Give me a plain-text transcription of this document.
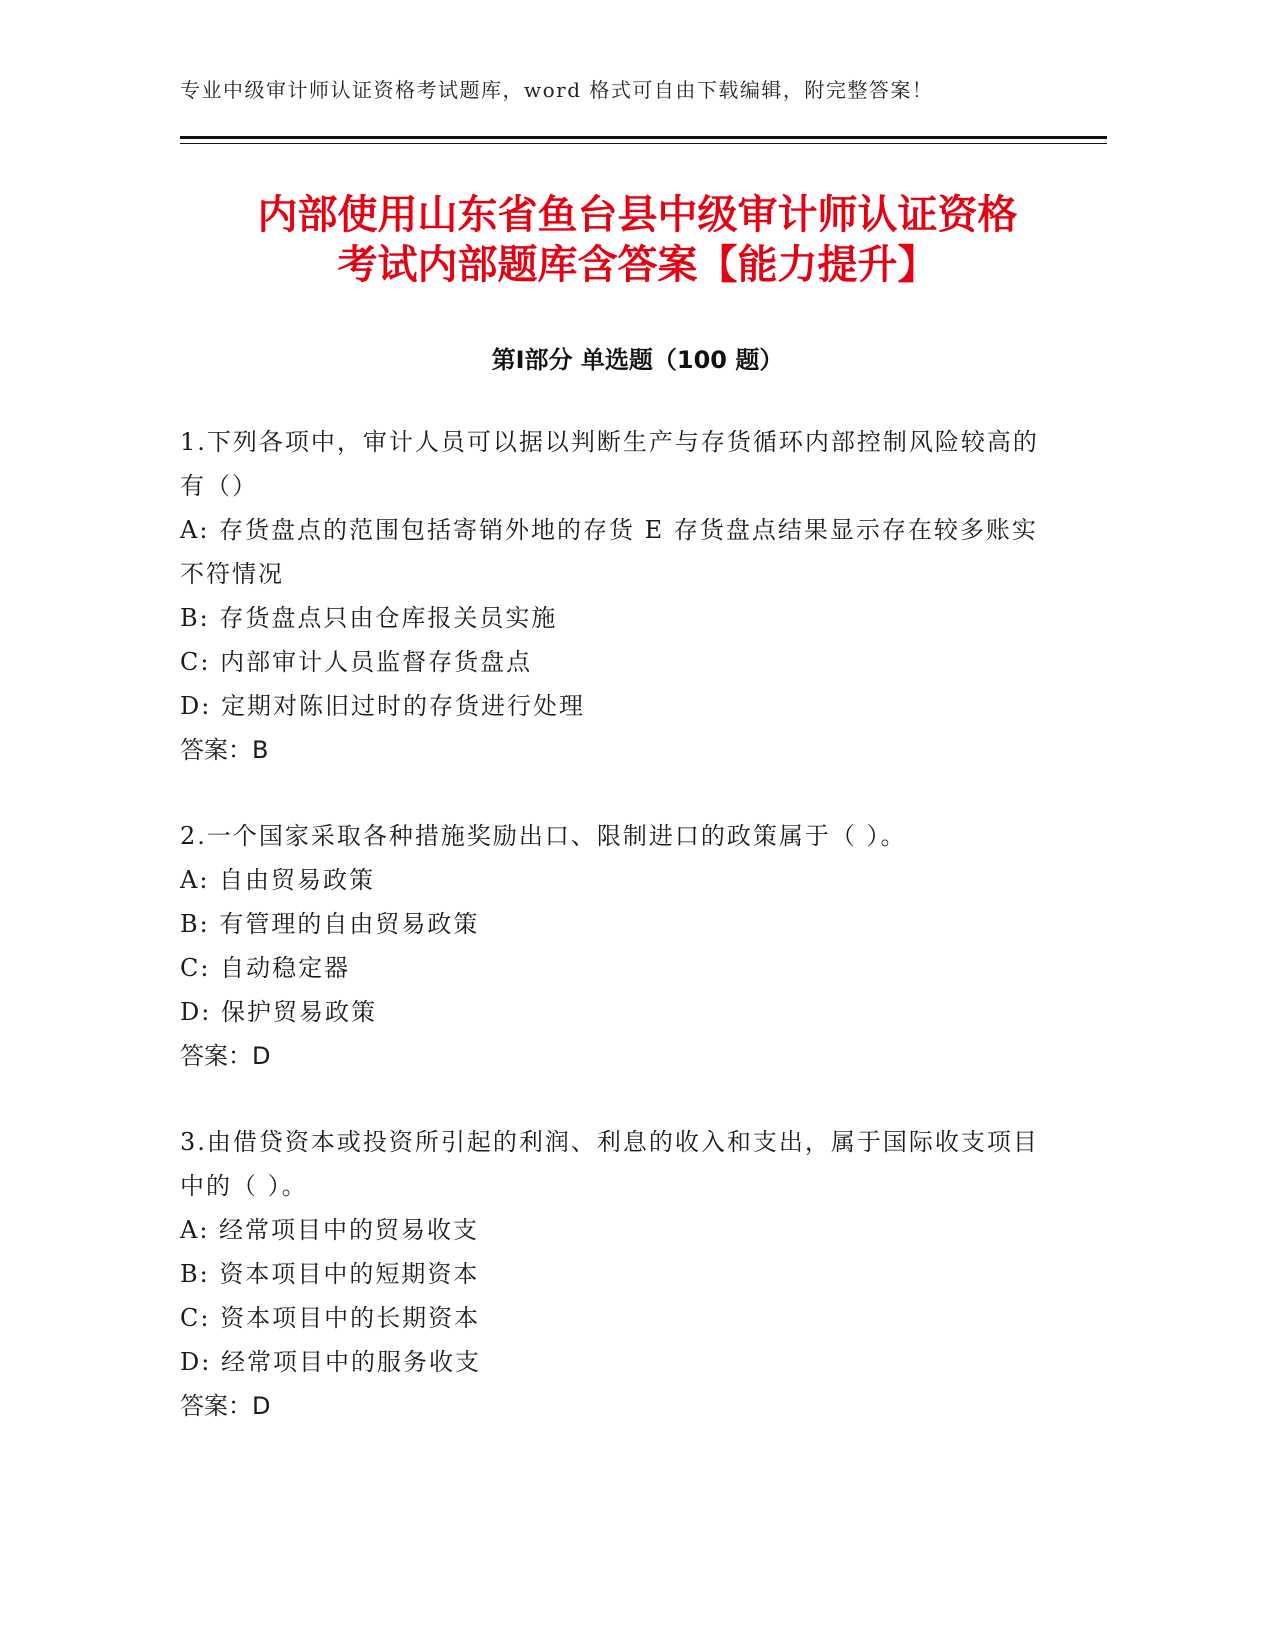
专业中级审计师认证资格考试题库，word 格式可自由下载编辑，附完整答案！
内部使用山东省鱼台县中级审计师认证资格
考试内部题库含答案【能力提升】
第Ⅰ部分 单选题（100 题）
1.下列各项中，审计人员可以据以判断生产与存货循环内部控制风险较高的有（）
A: 存货盘点的范围包括寄销外地的存货 E 存货盘点结果显示存在较多账实不符情况
B: 存货盘点只由仓库报关员实施
C: 内部审计人员监督存货盘点
D: 定期对陈旧过时的存货进行处理
答案：B
2.一个国家采取各种措施奖励出口、限制进口的政策属于（ ）。
A: 自由贸易政策
B: 有管理的自由贸易政策
C: 自动稳定器
D: 保护贸易政策
答案：D
3.由借贷资本或投资所引起的利润、利息的收入和支出，属于国际收支项目中的（ ）。
A: 经常项目中的贸易收支
B: 资本项目中的短期资本
C: 资本项目中的长期资本
D: 经常项目中的服务收支
答案：D
